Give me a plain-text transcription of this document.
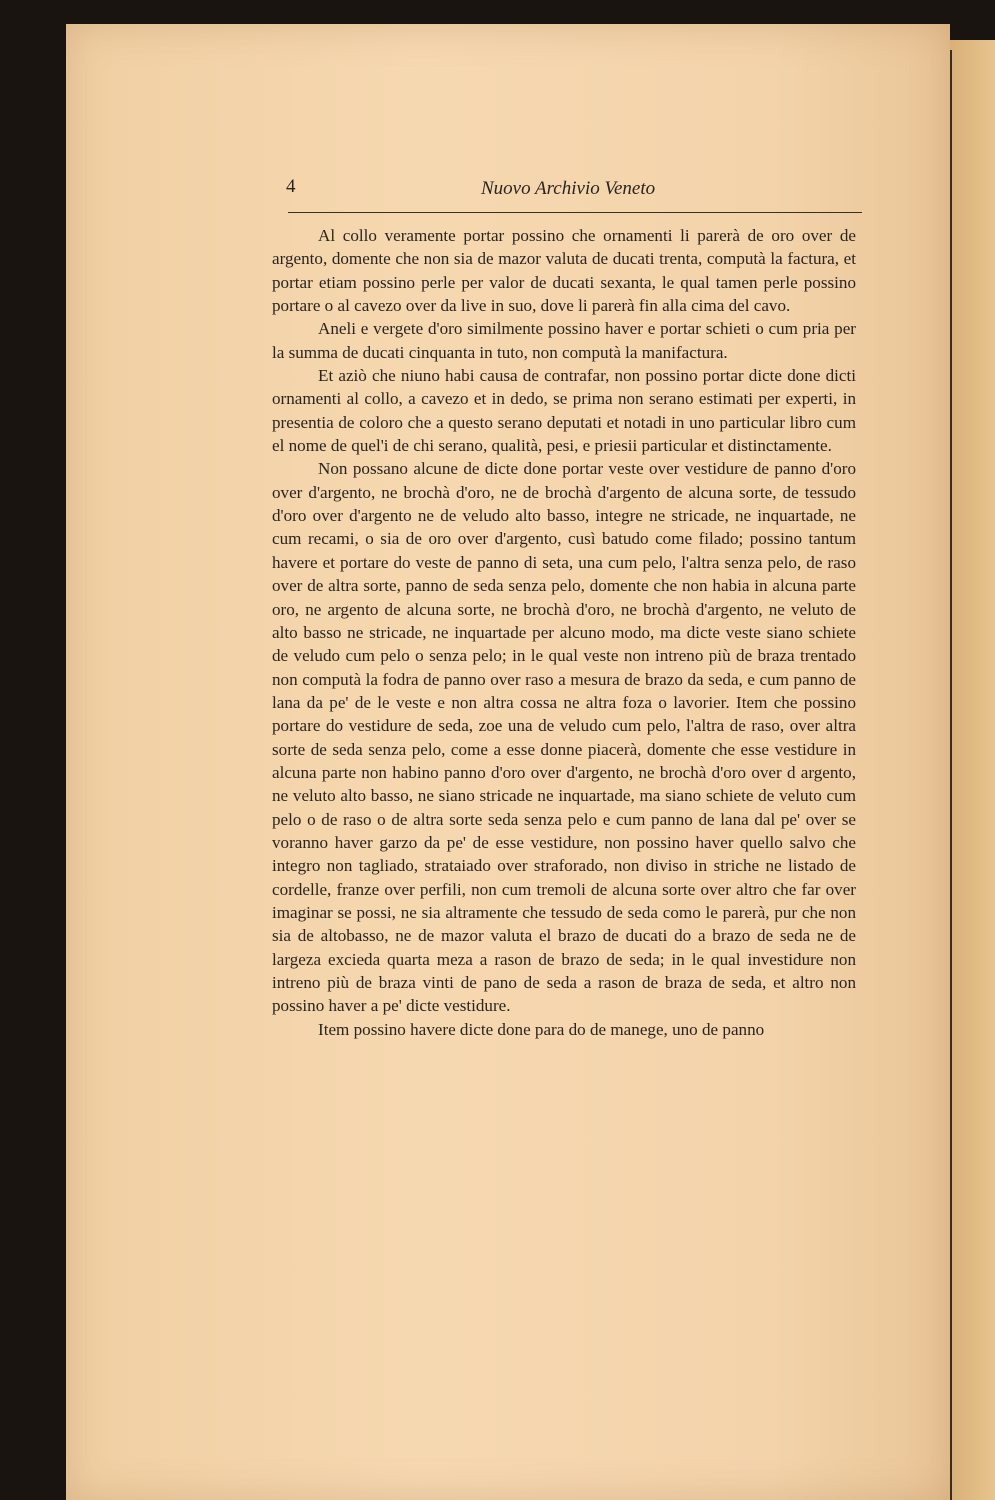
4	Nuovo Archivio Veneto

Al collo veramente portar possino che ornamenti li parerà de oro over de argento, domente che non sia de mazor valuta de ducati trenta, computà la factura, et portar etiam possino perle per valor de ducati sexanta, le qual tamen perle possino portare o al cavezo over da live in suo, dove li parerà fin alla cima del cavo.

Aneli e vergete d'oro similmente possino haver e portar schieti o cum pria per la summa de ducati cinquanta in tuto, non computà la manifactura.

Et aziò che niuno habi causa de contrafar, non possino portar dicte done dicti ornamenti al collo, a cavezo et in dedo, se prima non serano estimati per experti, in presentia de coloro che a questo serano deputati et notadi in uno particular libro cum el nome de quel'i de chi serano, qualità, pesi, e priesii particular et distinctamente.

Non possano alcune de dicte done portar veste over vestidure de panno d'oro over d'argento, ne brochà d'oro, ne de brochà d'argento de alcuna sorte, de tessudo d'oro over d'argento ne de veludo alto basso, integre ne stricade, ne inquartade, ne cum recami, o sia de oro over d'argento, cusì batudo come filado; possino tantum havere et portare do veste de panno di seta, una cum pelo, l'altra senza pelo, de raso over de altra sorte, panno de seda senza pelo, domente che non habia in alcuna parte oro, ne argento de alcuna sorte, ne brochà d'oro, ne brochà d'argento, ne veluto de alto basso ne stricade, ne inquartade per alcuno modo, ma dicte veste siano schiete de veludo cum pelo o senza pelo; in le qual veste non intreno più de braza trentado non computà la fodra de panno over raso a mesura de brazo da seda, e cum panno de lana da pe' de le veste e non altra cossa ne altra foza o lavorier. Item che possino portare do vestidure de seda, zoe una de veludo cum pelo, l'altra de raso, over altra sorte de seda senza pelo, come a esse donne piacerà, domente che esse vestidure in alcuna parte non habino panno d'oro over d'argento, ne brochà d'oro over d argento, ne veluto alto basso, ne siano stricade ne inquartade, ma siano schiete de veluto cum pelo o de raso o de altra sorte seda senza pelo e cum panno de lana dal pe' over se voranno haver garzo da pe' de esse vestidure, non possino haver quello salvo che integro non tagliado, strataiado over straforado, non diviso in striche ne listado de cordelle, franze over perfili, non cum tremoli de alcuna sorte over altro che far over imaginar se possi, ne sia altramente che tessudo de seda como le parerà, pur che non sia de altobasso, ne de mazor valuta el brazo de ducati do a brazo de seda ne de largeza excieda quarta meza a rason de brazo de seda; in le qual investidure non intreno più de braza vinti de pano de seda a rason de braza de seda, et altro non possino haver a pe' dicte vestidure.

Item possino havere dicte done para do de manege, uno de panno
